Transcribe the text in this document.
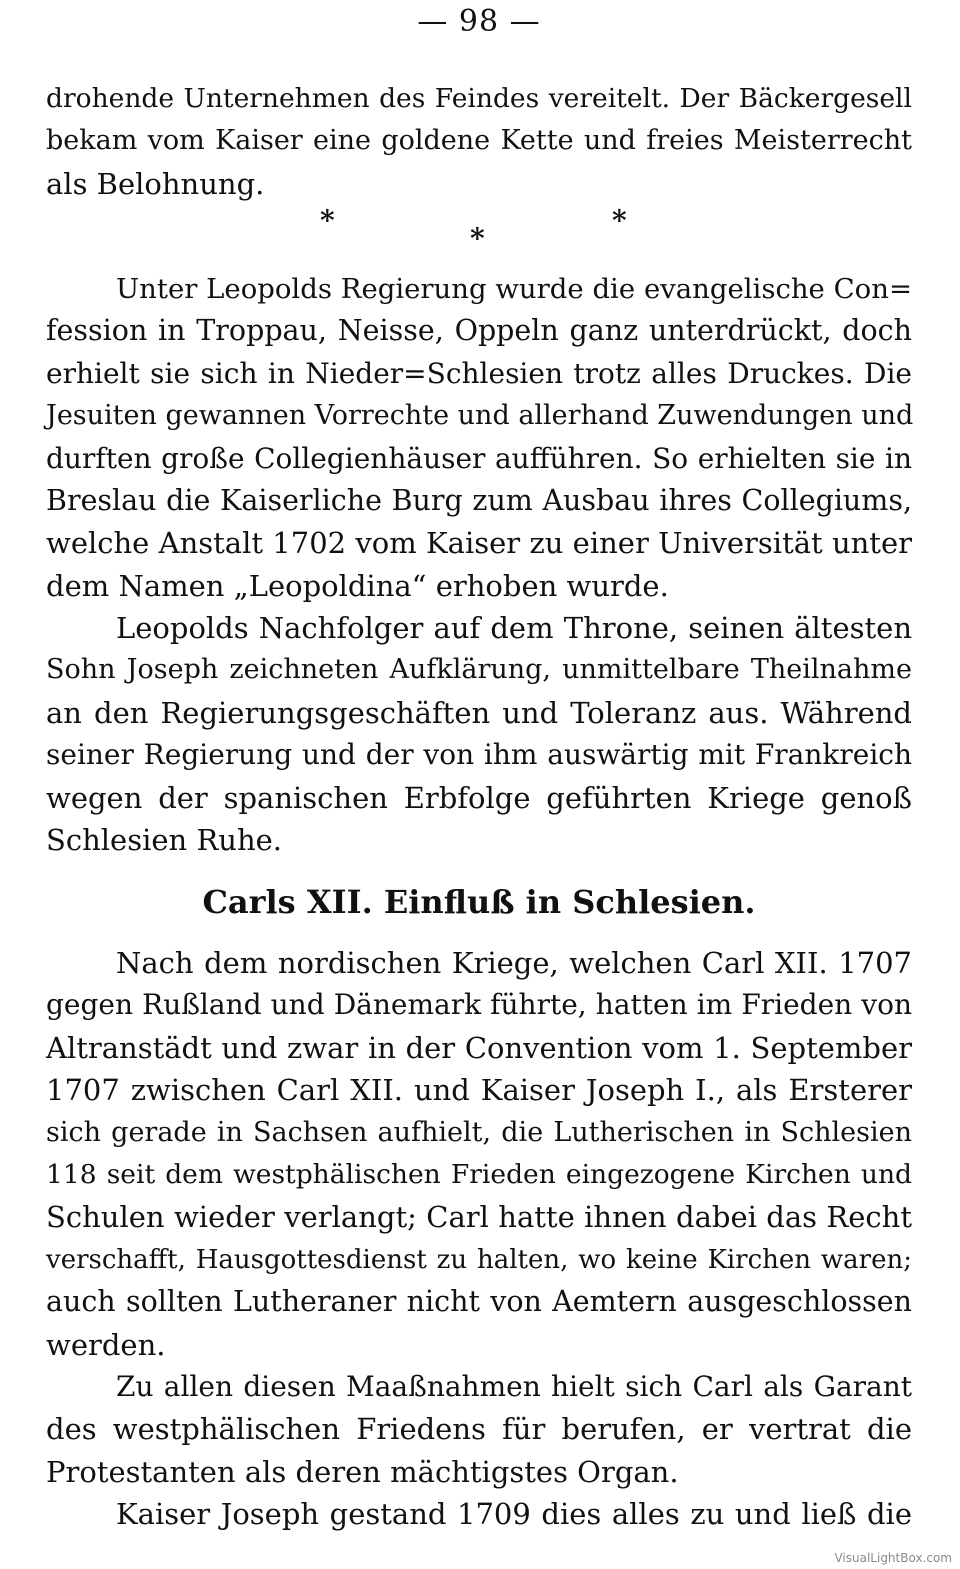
— 98 —

drohende Unternehmen des Feindes vereitelt. Der Bäckergesell
bekam vom Kaiser eine goldene Kette und freies Meisterrecht
als Belohnung.

*
*
*

Unter Leopolds Regierung wurde die evangelische Con=
fession in Troppau, Neisse, Oppeln ganz unterdrückt, doch
erhielt sie sich in Nieder=Schlesien trotz alles Druckes. Die
Jesuiten gewannen Vorrechte und allerhand Zuwendungen und
durften große Collegienhäuser aufführen. So erhielten sie in
Breslau die Kaiserliche Burg zum Ausbau ihres Collegiums,
welche Anstalt 1702 vom Kaiser zu einer Universität unter
dem Namen „Leopoldina“ erhoben wurde.

Leopolds Nachfolger auf dem Throne, seinen ältesten
Sohn Joseph zeichneten Aufklärung, unmittelbare Theilnahme
an den Regierungsgeschäften und Toleranz aus. Während
seiner Regierung und der von ihm auswärtig mit Frankreich
wegen der spanischen Erbfolge geführten Kriege genoß
Schlesien Ruhe.

Carls XII. Einfluß in Schlesien.

Nach dem nordischen Kriege, welchen Carl XII. 1707
gegen Rußland und Dänemark führte, hatten im Frieden von
Altranstädt und zwar in der Convention vom 1. September
1707 zwischen Carl XII. und Kaiser Joseph I., als Ersterer
sich gerade in Sachsen aufhielt, die Lutherischen in Schlesien
118 seit dem westphälischen Frieden eingezogene Kirchen und
Schulen wieder verlangt; Carl hatte ihnen dabei das Recht
verschafft, Hausgottesdienst zu halten, wo keine Kirchen waren;
auch sollten Lutheraner nicht von Aemtern ausgeschlossen
werden.

Zu allen diesen Maaßnahmen hielt sich Carl als Garant
des westphälischen Friedens für berufen, er vertrat die
Protestanten als deren mächtigstes Organ.

Kaiser Joseph gestand 1709 dies alles zu und ließ die

VisualLightBox.com
